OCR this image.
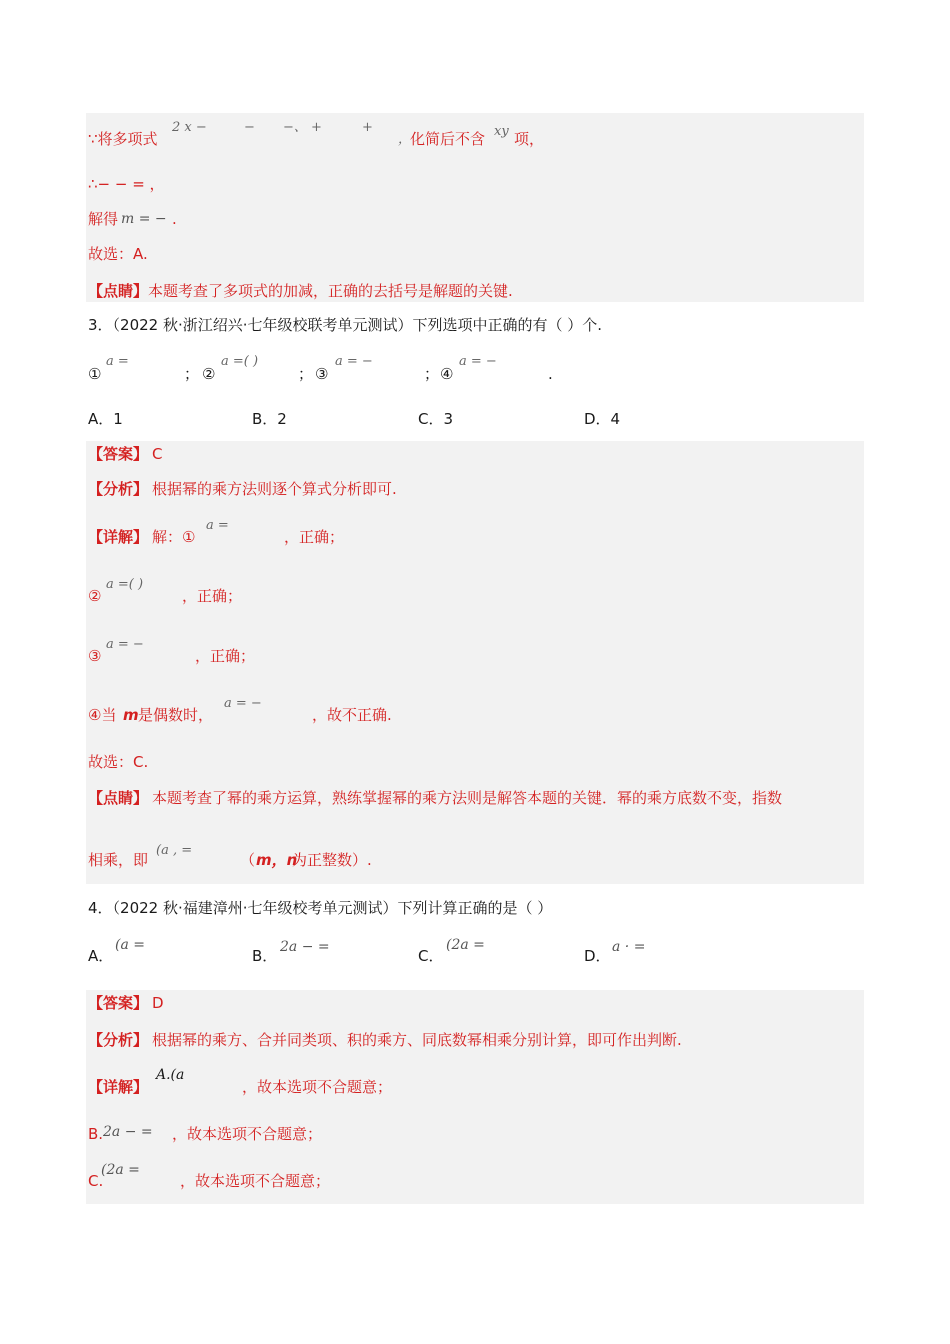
∵将多项式
2 x −	− −、 +	+
，
化简后不含 xy 项，
∴− − = ，
解得 m = − .
故选：A.
【点睛】 本题考查了多项式的加减，正确的去括号是解题的关键.
3．（2022 秋·浙江绍兴·七年级校联考单元测试）下列选项中正确的有（ ）个.
①
a =
； ②
a =( )
； ③
a = −
； ④
a = −
.
A．1	B．2	C．3	D．4
【答案】 C
【分析】 根据幂的乘方法则逐个算式分析即可.
【详解】 解：①
a =
，正确；
②
a =( )
，正确；
③
a = −
，正确；
④当 m 是偶数时，
a = −
，故不正确.
故选：C.
【点睛】 本题考查了幂的乘方运算，熟练掌握幂的乘方法则是解答本题的关键．幂的乘方底数不变，指数
相乘，即
(a , =
（ m，n
为正整数）.
4．（2022 秋·福建漳州·七年级校考单元测试）下列计算正确的是（ ）
A．
(a =
B． 2a − =	C．
(2a =
D． a · =
【答案】 D
【分析】 根据幂的乘方、合并同类项、积的乘方、同底数幂相乘分别计算，即可作出判断.
【详解】
A.(a
，故本选项不合题意；
B. 2a − = ，故本选项不合题意；
C.
(2a =
，故本选项不合题意；
